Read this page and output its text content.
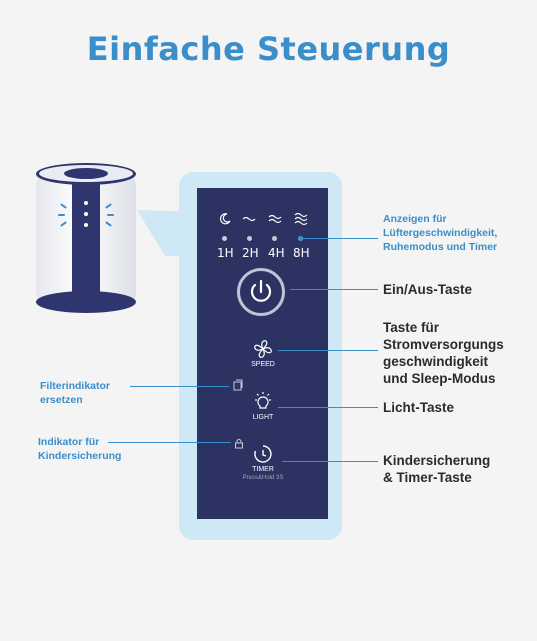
Einfache Steuerung
1H 2H 4H 8H
SPEED
LIGHT
TIMER
Press&Hold 3S
Anzeigen für
Lüftergeschwindigkeit,
Ruhemodus und Timer
Ein/Aus-Taste
Taste für
Stromversorgungs
geschwindigkeit
und Sleep-Modus
Licht-Taste
Kindersicherung
& Timer-Taste
Filterindikator
ersetzen
Indikator für
Kindersicherung
